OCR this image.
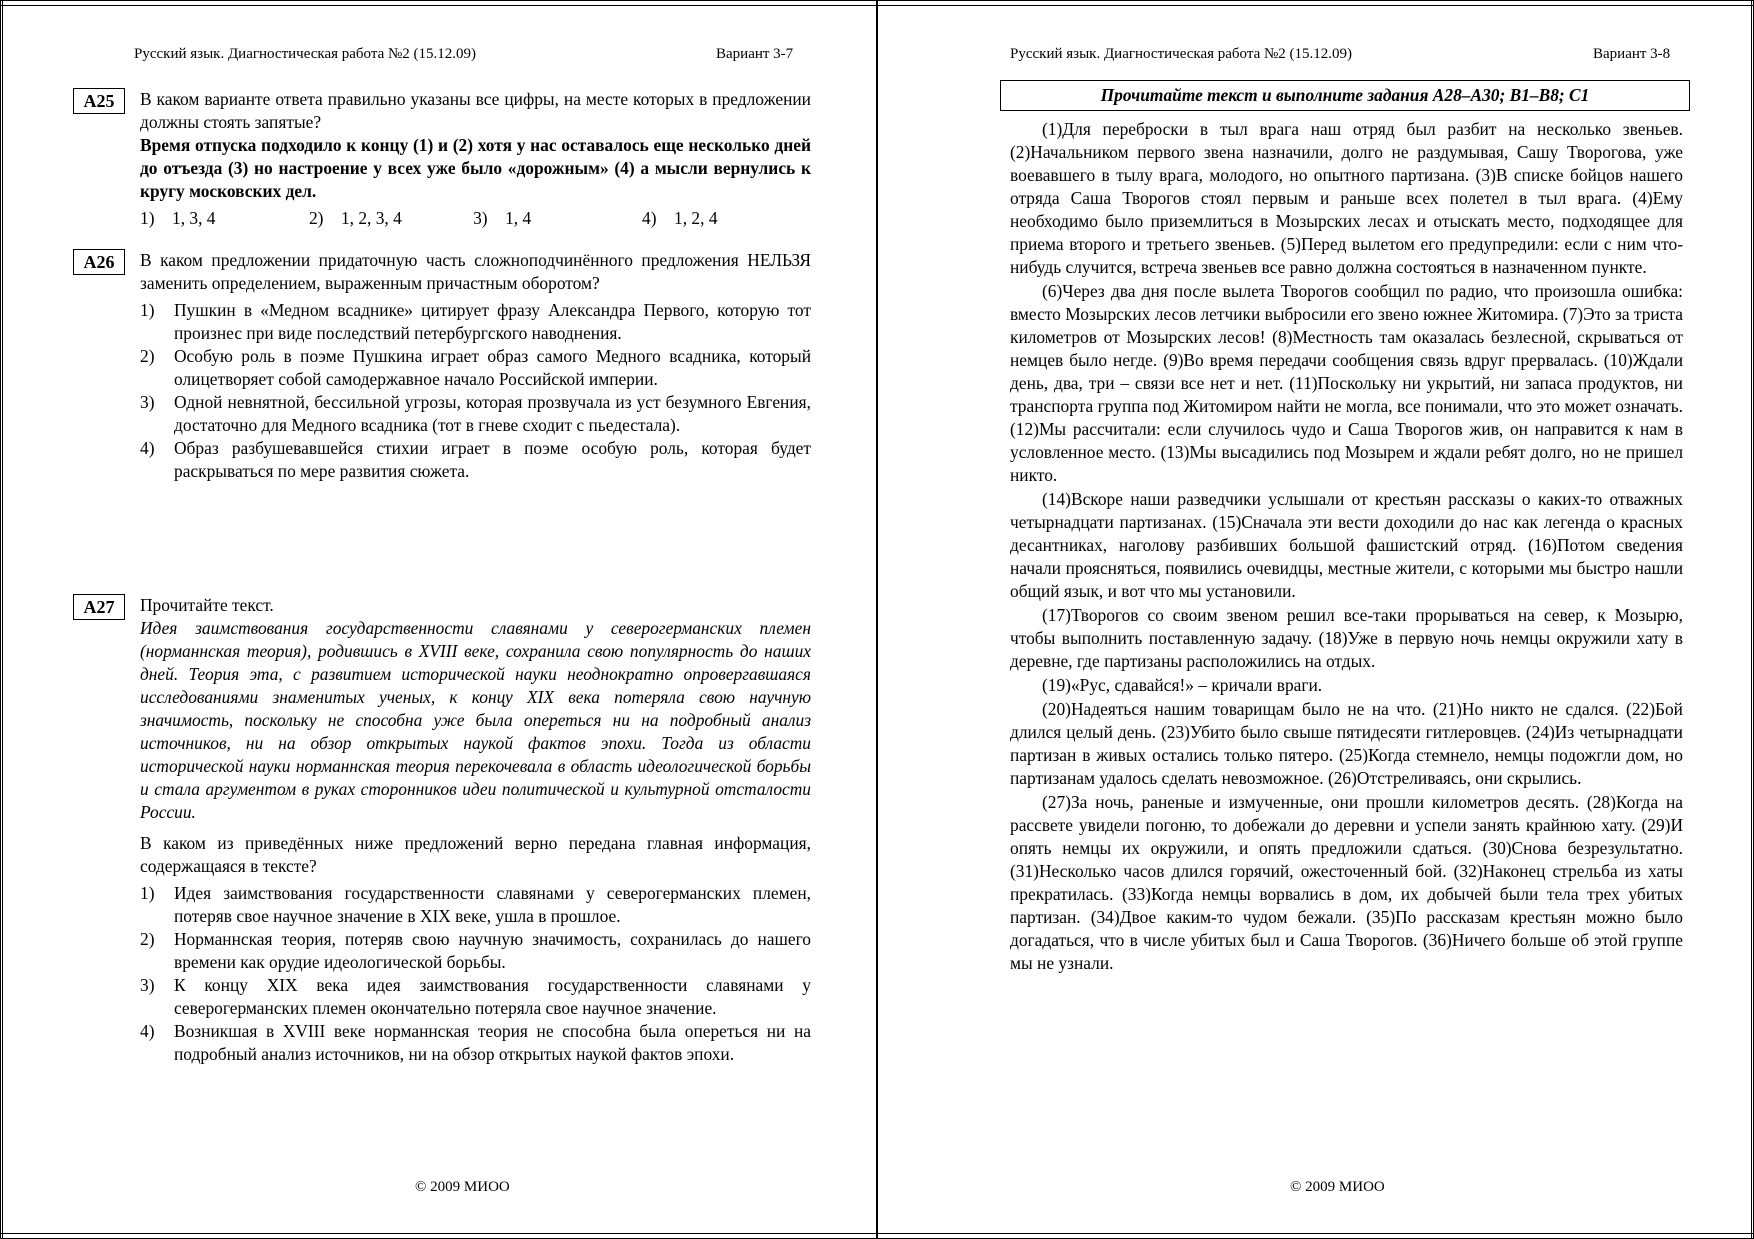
Русский язык. Диагностическая работа №2 (15.12.09)	Вариант 3-7
A25	В каком варианте ответа правильно указаны все цифры, на месте которых в предложении должны стоять запятые?

Время отпуска подходило к концу (1) и (2) хотя у нас оставалось еще несколько дней до отъезда (3) но настроение у всех уже было «дорожным» (4) а мысли вернулись к кругу московских дел.

1) 1, 3, 4	2) 1, 2, 3, 4	3) 1, 4	4) 1, 2, 4
A26	В каком предложении придаточную часть сложноподчинённого предложения НЕЛЬЗЯ заменить определением, выраженным причастным оборотом?

1) Пушкин в «Медном всаднике» цитирует фразу Александра Первого, которую тот произнес при виде последствий петербургского наводнения.
2) Особую роль в поэме Пушкина играет образ самого Медного всадника, который олицетворяет собой самодержавное начало Российской империи.
3) Одной невнятной, бессильной угрозы, которая прозвучала из уст безумного Евгения, достаточно для Медного всадника (тот в гневе сходит с пьедестала).
4) Образ разбушевавшейся стихии играет в поэме особую роль, которая будет раскрываться по мере развития сюжета.
A27	Прочитайте текст.

Идея заимствования государственности славянами у северогерманских племен (норманнская теория), родившись в XVIII веке, сохранила свою популярность до наших дней. Теория эта, с развитием исторической науки неоднократно опровергавшаяся исследованиями знаменитых ученых, к концу XIX века потеряла свою научную значимость, поскольку не способна уже была опереться ни на подробный анализ источников, ни на обзор открытых наукой фактов эпохи. Тогда из области исторической науки норманнская теория перекочевала в область идеологической борьбы и стала аргументом в руках сторонников идеи политической и культурной отсталости России.

В каком из приведённых ниже предложений верно передана главная информация, содержащаяся в тексте?

1) Идея заимствования государственности славянами у северогерманских племен, потеряв свое научное значение в XIX веке, ушла в прошлое.
2) Норманнская теория, потеряв свою научную значимость, сохранилась до нашего времени как орудие идеологической борьбы.
3) К концу XIX века идея заимствования государственности славянами у северогерманских племен окончательно потеряла свое научное значение.
4) Возникшая в XVIII веке норманнская теория не способна была опереться ни на подробный анализ источников, ни на обзор открытых наукой фактов эпохи.
© 2009 МИОО
Русский язык. Диагностическая работа №2 (15.12.09)	Вариант 3-8
Прочитайте текст и выполните задания А28–А30; В1–В8; С1

(1)Для переброски в тыл врага наш отряд был разбит на несколько звеньев. (2)Начальником первого звена назначили, долго не раздумывая, Сашу Творогова, уже воевавшего в тылу врага, молодого, но опытного партизана. (3)В списке бойцов нашего отряда Саша Творогов стоял первым и раньше всех полетел в тыл врага. (4)Ему необходимо было приземлиться в Мозырских лесах и отыскать место, подходящее для приема второго и третьего звеньев. (5)Перед вылетом его предупредили: если с ним что-нибудь случится, встреча звеньев все равно должна состояться в назначенном пункте.

(6)Через два дня после вылета Творогов сообщил по радио, что произошла ошибка: вместо Мозырских лесов летчики выбросили его звено южнее Житомира. (7)Это за триста километров от Мозырских лесов! (8)Местность там оказалась безлесной, скрываться от немцев было негде. (9)Во время передачи сообщения связь вдруг прервалась. (10)Ждали день, два, три – связи все нет и нет. (11)Поскольку ни укрытий, ни запаса продуктов, ни транспорта группа под Житомиром найти не могла, все понимали, что это может означать. (12)Мы рассчитали: если случилось чудо и Саша Творогов жив, он направится к нам в условленное место. (13)Мы высадились под Мозырем и ждали ребят долго, но не пришел никто.

(14)Вскоре наши разведчики услышали от крестьян рассказы о каких-то отважных четырнадцати партизанах. (15)Сначала эти вести доходили до нас как легенда о красных десантниках, наголову разбивших большой фашистский отряд. (16)Потом сведения начали проясняться, появились очевидцы, местные жители, с которыми мы быстро нашли общий язык, и вот что мы установили.

(17)Творогов со своим звеном решил все-таки прорываться на север, к Мозырю, чтобы выполнить поставленную задачу. (18)Уже в первую ночь немцы окружили хату в деревне, где партизаны расположились на отдых.

(19)«Рус, сдавайся!» – кричали враги.

(20)Надеяться нашим товарищам было не на что. (21)Но никто не сдался. (22)Бой длился целый день. (23)Убито было свыше пятидесяти гитлеровцев. (24)Из четырнадцати партизан в живых остались только пятеро. (25)Когда стемнело, немцы подожгли дом, но партизанам удалось сделать невозможное. (26)Отстреливаясь, они скрылись.

(27)За ночь, раненые и измученные, они прошли километров десять. (28)Когда на рассвете увидели погоню, то добежали до деревни и успели занять крайнюю хату. (29)И опять немцы их окружили, и опять предложили сдаться. (30)Снова безрезультатно. (31)Несколько часов длился горячий, ожесточенный бой. (32)Наконец стрельба из хаты прекратилась. (33)Когда немцы ворвались в дом, их добычей были тела трех убитых партизан. (34)Двое каким-то чудом бежали. (35)По рассказам крестьян можно было догадаться, что в числе убитых был и Саша Творогов. (36)Ничего больше об этой группе мы не узнали.

© 2009 МИОО
